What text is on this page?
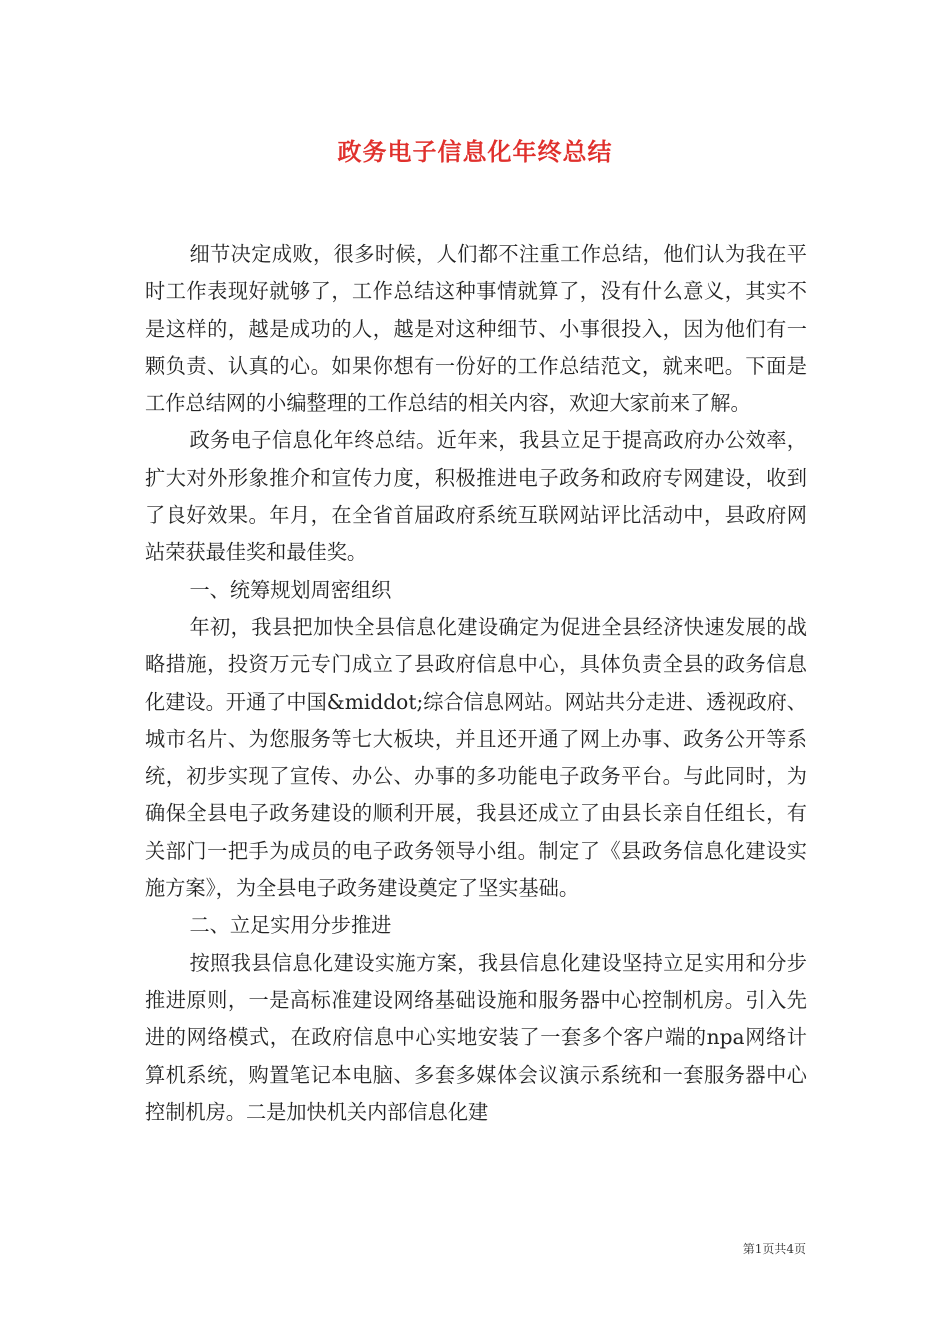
政务电子信息化年终总结

细节决定成败，很多时候，人们都不注重工作总结，他们认为我在平时工作表现好就够了，工作总结这种事情就算了，没有什么意义，其实不是这样的，越是成功的人，越是对这种细节、小事很投入，因为他们有一颗负责、认真的心。如果你想有一份好的工作总结范文，就来吧。下面是工作总结网的小编整理的工作总结的相关内容，欢迎大家前来了解。

政务电子信息化年终总结。近年来，我县立足于提高政府办公效率，扩大对外形象推介和宣传力度，积极推进电子政务和政府专网建设，收到了良好效果。年月，在全省首届政府系统互联网站评比活动中，县政府网站荣获最佳奖和最佳奖。

一、统筹规划周密组织

年初，我县把加快全县信息化建设确定为促进全县经济快速发展的战略措施，投资万元专门成立了县政府信息中心，具体负责全县的政务信息化建设。开通了中国&middot;综合信息网站。网站共分走进、透视政府、城市名片、为您服务等七大板块，并且还开通了网上办事、政务公开等系统，初步实现了宣传、办公、办事的多功能电子政务平台。与此同时，为确保全县电子政务建设的顺利开展，我县还成立了由县长亲自任组长，有关部门一把手为成员的电子政务领导小组。制定了《县政务信息化建设实施方案》，为全县电子政务建设奠定了坚实基础。

二、立足实用分步推进

按照我县信息化建设实施方案，我县信息化建设坚持立足实用和分步推进原则，一是高标准建设网络基础设施和服务器中心控制机房。引入先进的网络模式，在政府信息中心实地安装了一套多个客户端的npa网络计算机系统，购置笔记本电脑、多套多媒体会议演示系统和一套服务器中心控制机房。二是加快机关内部信息化建

第1页共4页
